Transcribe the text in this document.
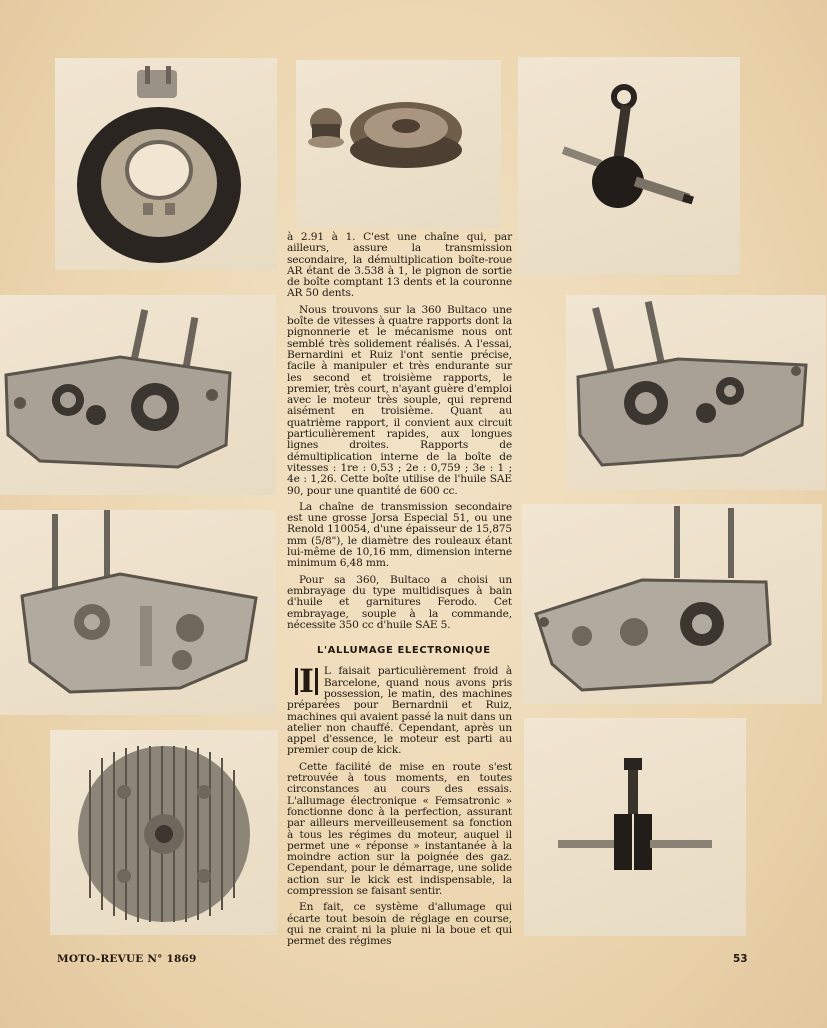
à 2.91 à 1. C'est une chaîne qui, par ailleurs, assure la transmission secondaire, la démultiplication boîte-roue AR étant de 3.538 à 1, le pignon de sortie de boîte comptant 13 dents et la couronne AR 50 dents.

Nous trouvons sur la 360 Bultaco une boîte de vitesses à quatre rapports dont la pignonnerie et le mécanisme nous ont semblé très solidement réalisés. A l'essai, Bernardini et Ruiz l'ont sentie précise, facile à manipuler et très endurante sur les second et troisième rapports, le premier, très court, n'ayant guère d'emploi avec le moteur très souple, qui reprend aisément en troisième. Quant au quatrième rapport, il convient aux circuit particulièrement rapides, aux longues lignes droites. Rapports de démultiplication interne de la boîte de vitesses : 1re : 0,53 ; 2e : 0,759 ; 3e : 1 ; 4e : 1,26. Cette boîte utilise de l'huile SAE 90, pour une quantité de 600 cc.

La chaîne de transmission secondaire est une grosse Jorsa Especial 51, ou une Renold 110054, d'une épaisseur de 15,875 mm (5/8"), le diamètre des rouleaux étant lui-même de 10,16 mm, dimension interne minimum 6,48 mm.

Pour sa 360, Bultaco a choisi un embrayage du type multidisques à bain d'huile et garnitures Ferodo. Cet embrayage, souple à la commande, nécessite 350 cc d'huile SAE 5.

L'ALLUMAGE ELECTRONIQUE

I L faisait particulièrement froid à Barcelone, quand nous avons pris possession, le matin, des machines préparées pour Bernardnii et Ruiz, machines qui avaient passé la nuit dans un atelier non chauffé. Cependant, après un appel d'essence, le moteur est parti au premier coup de kick.

Cette facilité de mise en route s'est retrouvée à tous moments, en toutes circonstances au cours des essais. L'allumage électronique « Femsatronic » fonctionne donc à la perfection, assurant par ailleurs merveilleusement sa fonction à tous les régimes du moteur, auquel il permet une « réponse » instantanée à la moindre action sur la poignée des gaz. Cependant, pour le démarrage, une solide action sur le kick est indispensable, la compression se faisant sentir.

En fait, ce système d'allumage qui écarte tout besoin de réglage en course, qui ne craint ni la pluie ni la boue et qui permet des régimes

MOTO-REVUE N° 1869	53
